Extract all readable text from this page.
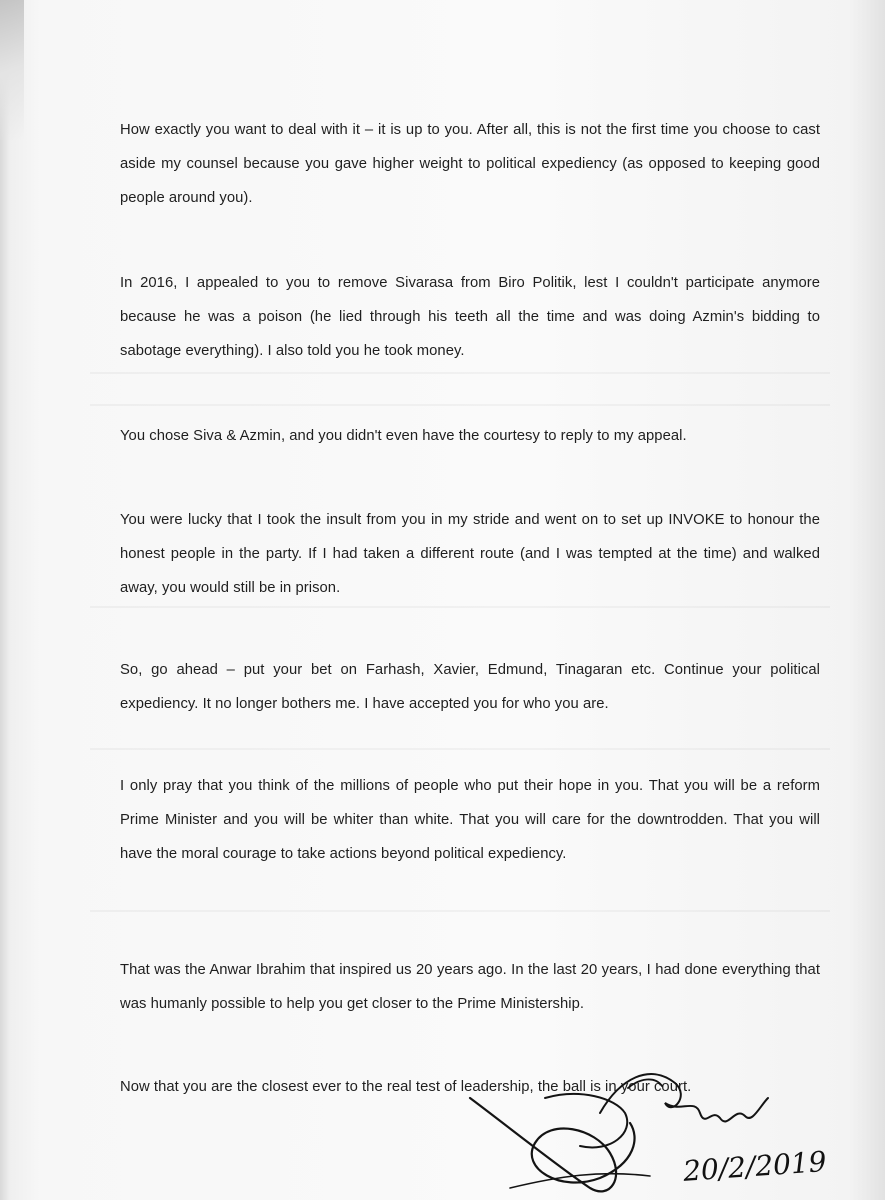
How exactly you want to deal with it – it is up to you. After all, this is not the first time you choose to cast aside my counsel because you gave higher weight to political expediency (as opposed to keeping good people around you).

In 2016, I appealed to you to remove Sivarasa from Biro Politik, lest I couldn't participate anymore because he was a poison (he lied through his teeth all the time and was doing Azmin's bidding to sabotage everything). I also told you he took money.

You chose Siva & Azmin, and you didn't even have the courtesy to reply to my appeal.

You were lucky that I took the insult from you in my stride and went on to set up INVOKE to honour the honest people in the party. If I had taken a different route (and I was tempted at the time) and walked away, you would still be in prison.

So, go ahead – put your bet on Farhash, Xavier, Edmund, Tinagaran etc. Continue your political expediency. It no longer bothers me. I have accepted you for who you are.

I only pray that you think of the millions of people who put their hope in you. That you will be a reform Prime Minister and you will be whiter than white. That you will care for the downtrodden. That you will have the moral courage to take actions beyond political expediency.

That was the Anwar Ibrahim that inspired us 20 years ago. In the last 20 years, I had done everything that was humanly possible to help you get closer to the Prime Ministership.

Now that you are the closest ever to the real test of leadership, the ball is in your court.

20/2/2019
